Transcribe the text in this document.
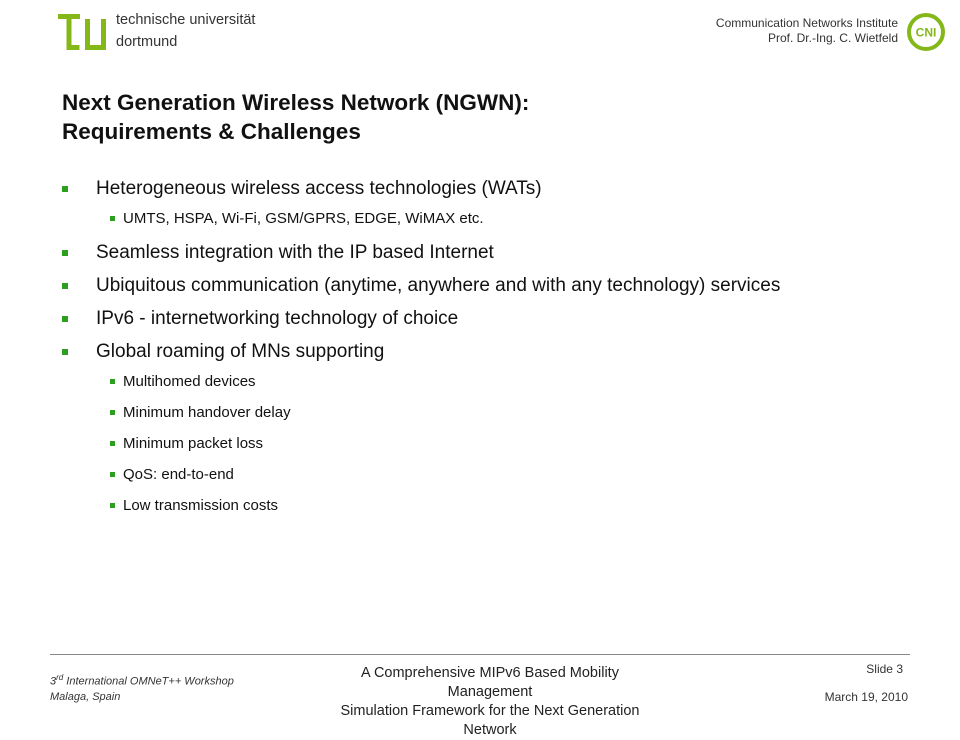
technische universität
dortmund
Communication Networks Institute
Prof. Dr.-Ing. C. Wietfeld CNI
Next Generation Wireless Network (NGWN):
Requirements & Challenges
Heterogeneous wireless access technologies (WATs)
UMTS, HSPA, Wi-Fi, GSM/GPRS, EDGE, WiMAX etc.
Seamless integration with the IP based Internet
Ubiquitous communication (anytime, anywhere and with any technology) services
IPv6 - internetworking technology of choice
Global roaming of MNs supporting
Multihomed devices
Minimum handover delay
Minimum packet loss
QoS: end-to-end
Low transmission costs
3rd International OMNeT++ Workshop
Malaga, Spain
A Comprehensive MIPv6 Based Mobility Management
Simulation Framework for the Next Generation Network
Slide 3
March 19, 2010
